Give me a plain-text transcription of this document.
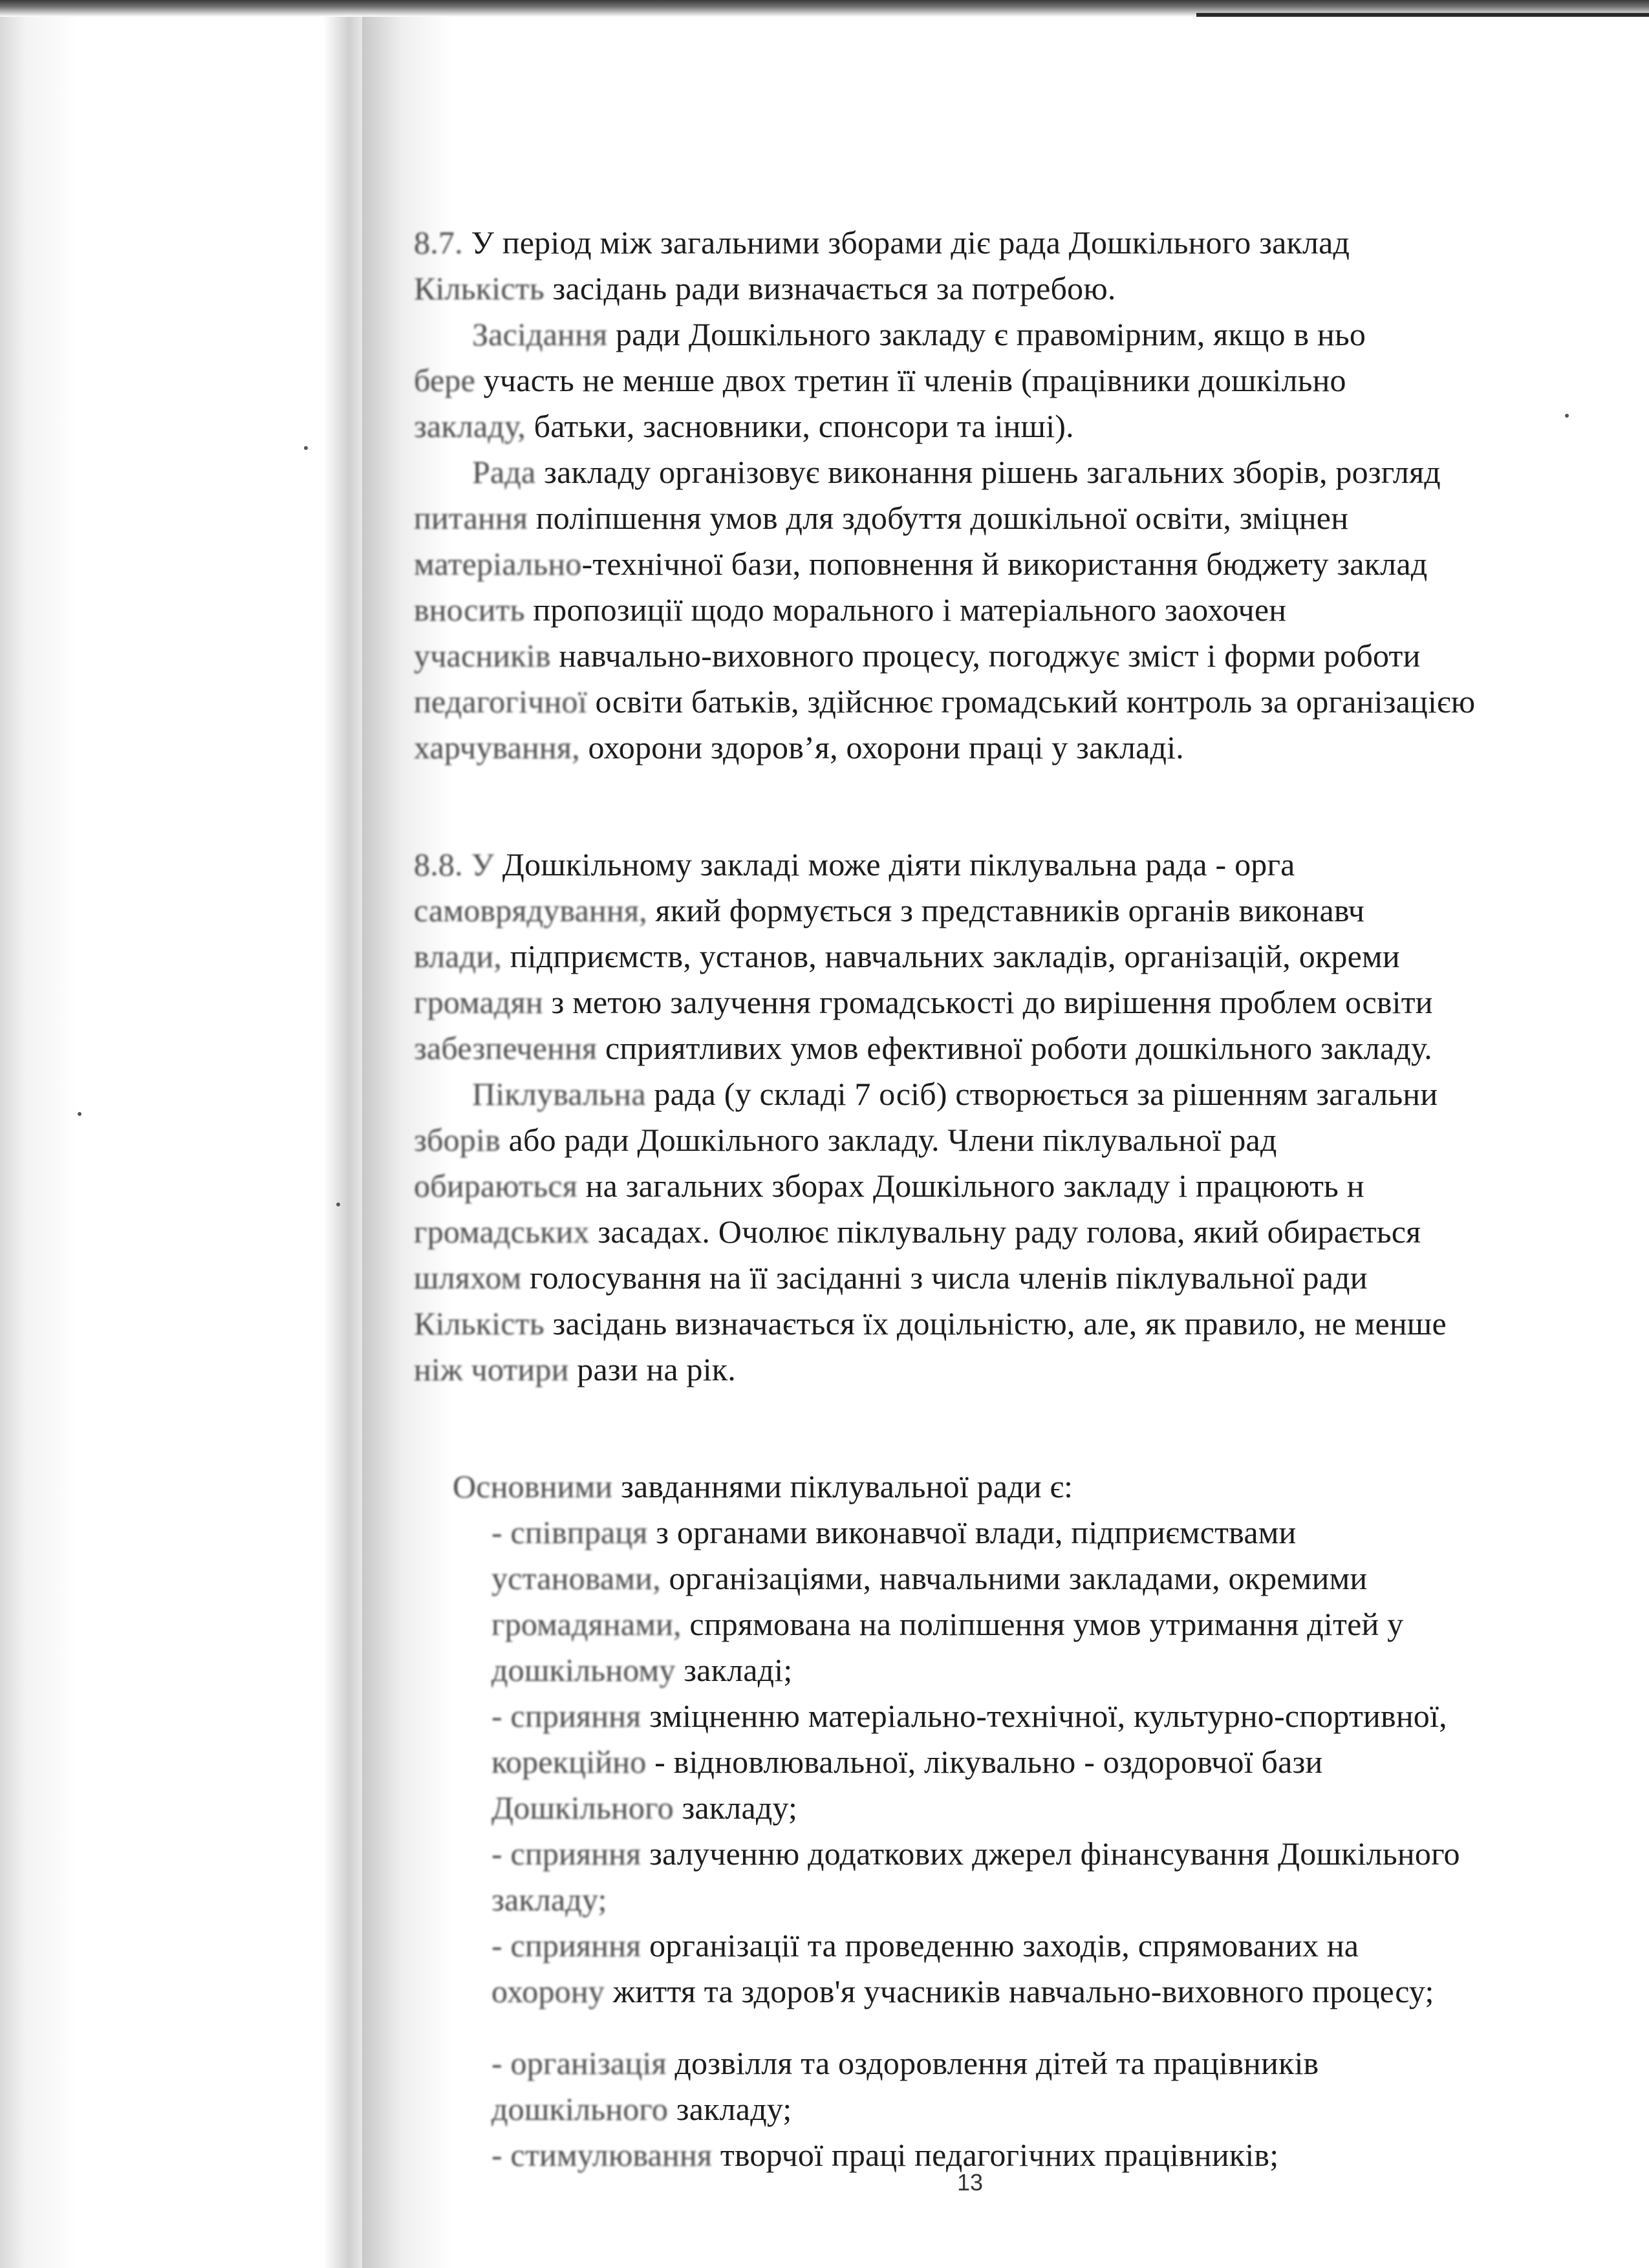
8.7. У період між загальними зборами діє рада Дошкільного заклад

Кількість засідань ради визначається за потребою.

Засідання ради Дошкільного закладу є правомірним, якщо в ньо

бере участь не менше двох третин її членів (працівники дошкільно

закладу, батьки, засновники, спонсори та інші).

Рада закладу організовує виконання рішень загальних зборів, розгляд

питання поліпшення умов для здобуття дошкільної освіти, зміцнен

матеріально-технічної бази, поповнення й використання бюджету заклад

вносить пропозиції щодо морального і матеріального заохочен

учасників навчально-виховного процесу, погоджує зміст і форми роботи

педагогічної освіти батьків, здійснює громадський контроль за організацією

харчування, охорони здоров’я, охорони праці у закладі.

8.8. У Дошкільному закладі може діяти піклувальна рада - орга

самоврядування, який формується з представників органів виконавч

влади, підприємств, установ, навчальних закладів, організацій, окреми

громадян з метою залучення громадськості до вирішення проблем освіти

забезпечення сприятливих умов ефективної роботи дошкільного закладу.

Піклувальна рада (у складі 7 осіб) створюється за рішенням загальни

зборів або ради Дошкільного закладу. Члени піклувальної рад

обираються на загальних зборах Дошкільного закладу і працюють н

громадських засадах. Очолює піклувальну раду голова, який обирається

шляхом голосування на її засіданні з числа членів піклувальної ради

Кількість засідань визначається їх доцільністю, але, як правило, не менше

ніж чотири рази на рік.

Основними завданнями піклувальної ради є:

- співпраця з органами виконавчої влади, підприємствами

установами, організаціями, навчальними закладами, окремими

громадянами, спрямована на поліпшення умов утримання дітей у

дошкільному закладі;

- сприяння зміцненню матеріально-технічної, культурно-спортивної,

корекційно - відновлювальної, лікувально - оздоровчої бази

Дошкільного закладу;

- сприяння залученню додаткових джерел фінансування Дошкільного

закладу;

- сприяння організації та проведенню заходів, спрямованих на

охорону життя та здоров'я учасників навчально-виховного процесу;

- організація дозвілля та оздоровлення дітей та працівників

дошкільного закладу;

- стимулювання творчої праці педагогічних працівників;

13
